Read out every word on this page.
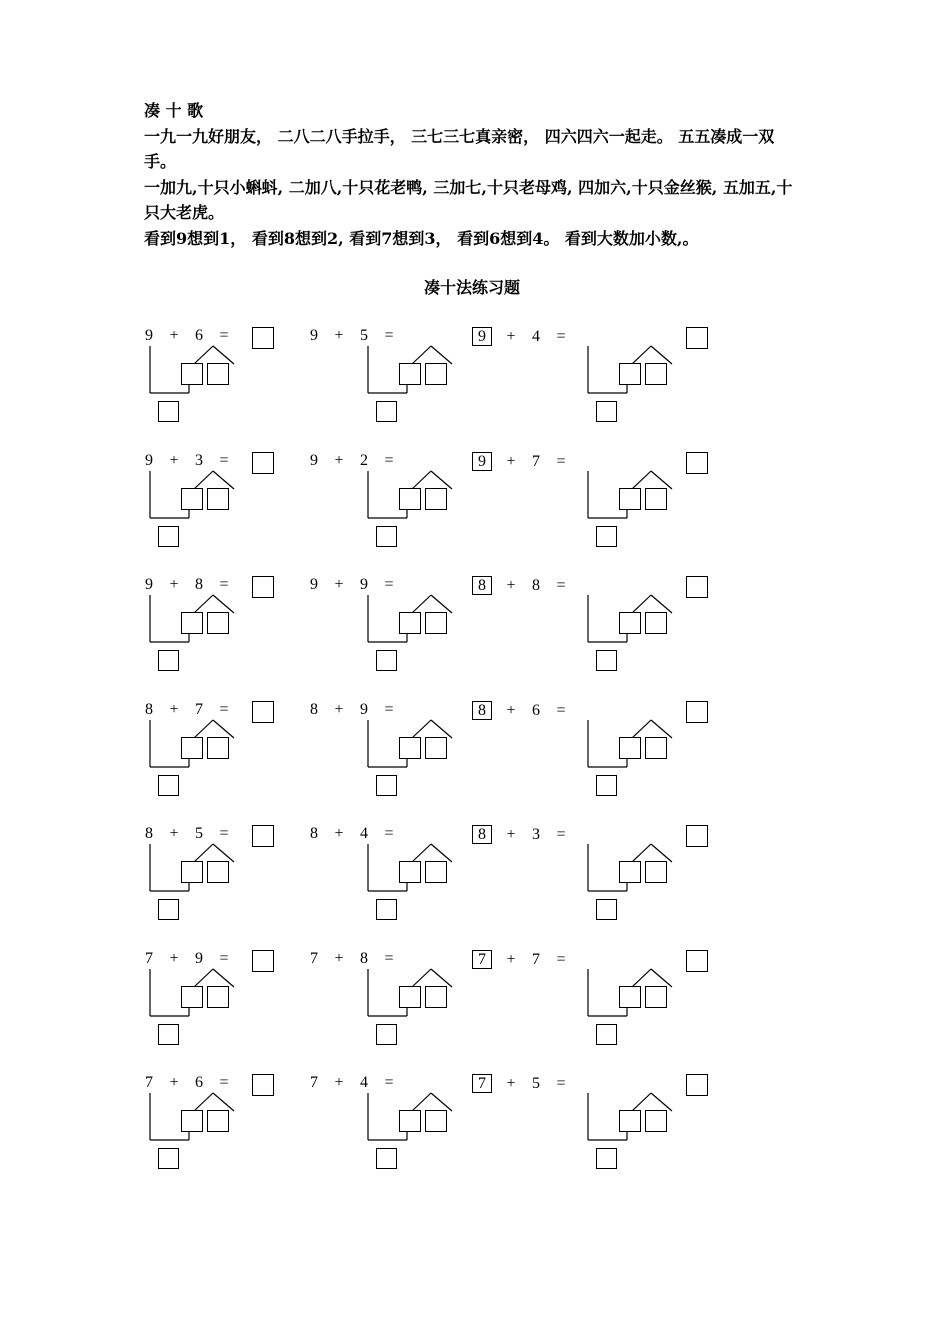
凑 十 歌
一九一九好朋友， 二八二八手拉手， 三七三七真亲密， 四六四六一起走。 五五凑成一双
手。
一加九,十只小蝌蚪, 二加八,十只花老鸭, 三加七,十只老母鸡, 四加六,十只金丝猴, 五加五,十
只大老虎。
看到9想到1， 看到8想到2, 看到7想到3， 看到6想到4。 看到大数加小数,。
凑十法练习题
9 + 6 =	9 + 5 =	9 + 4 =
9 + 3 =	9 + 2 =	9 + 7 =
9 + 8 =	9 + 9 =	8 + 8 =
8 + 7 =	8 + 9 =	8 + 6 =
8 + 5 =	8 + 4 =	8 + 3 =
7 + 9 =	7 + 8 =	7 + 7 =
7 + 6 =	7 + 4 =	7 + 5 =
